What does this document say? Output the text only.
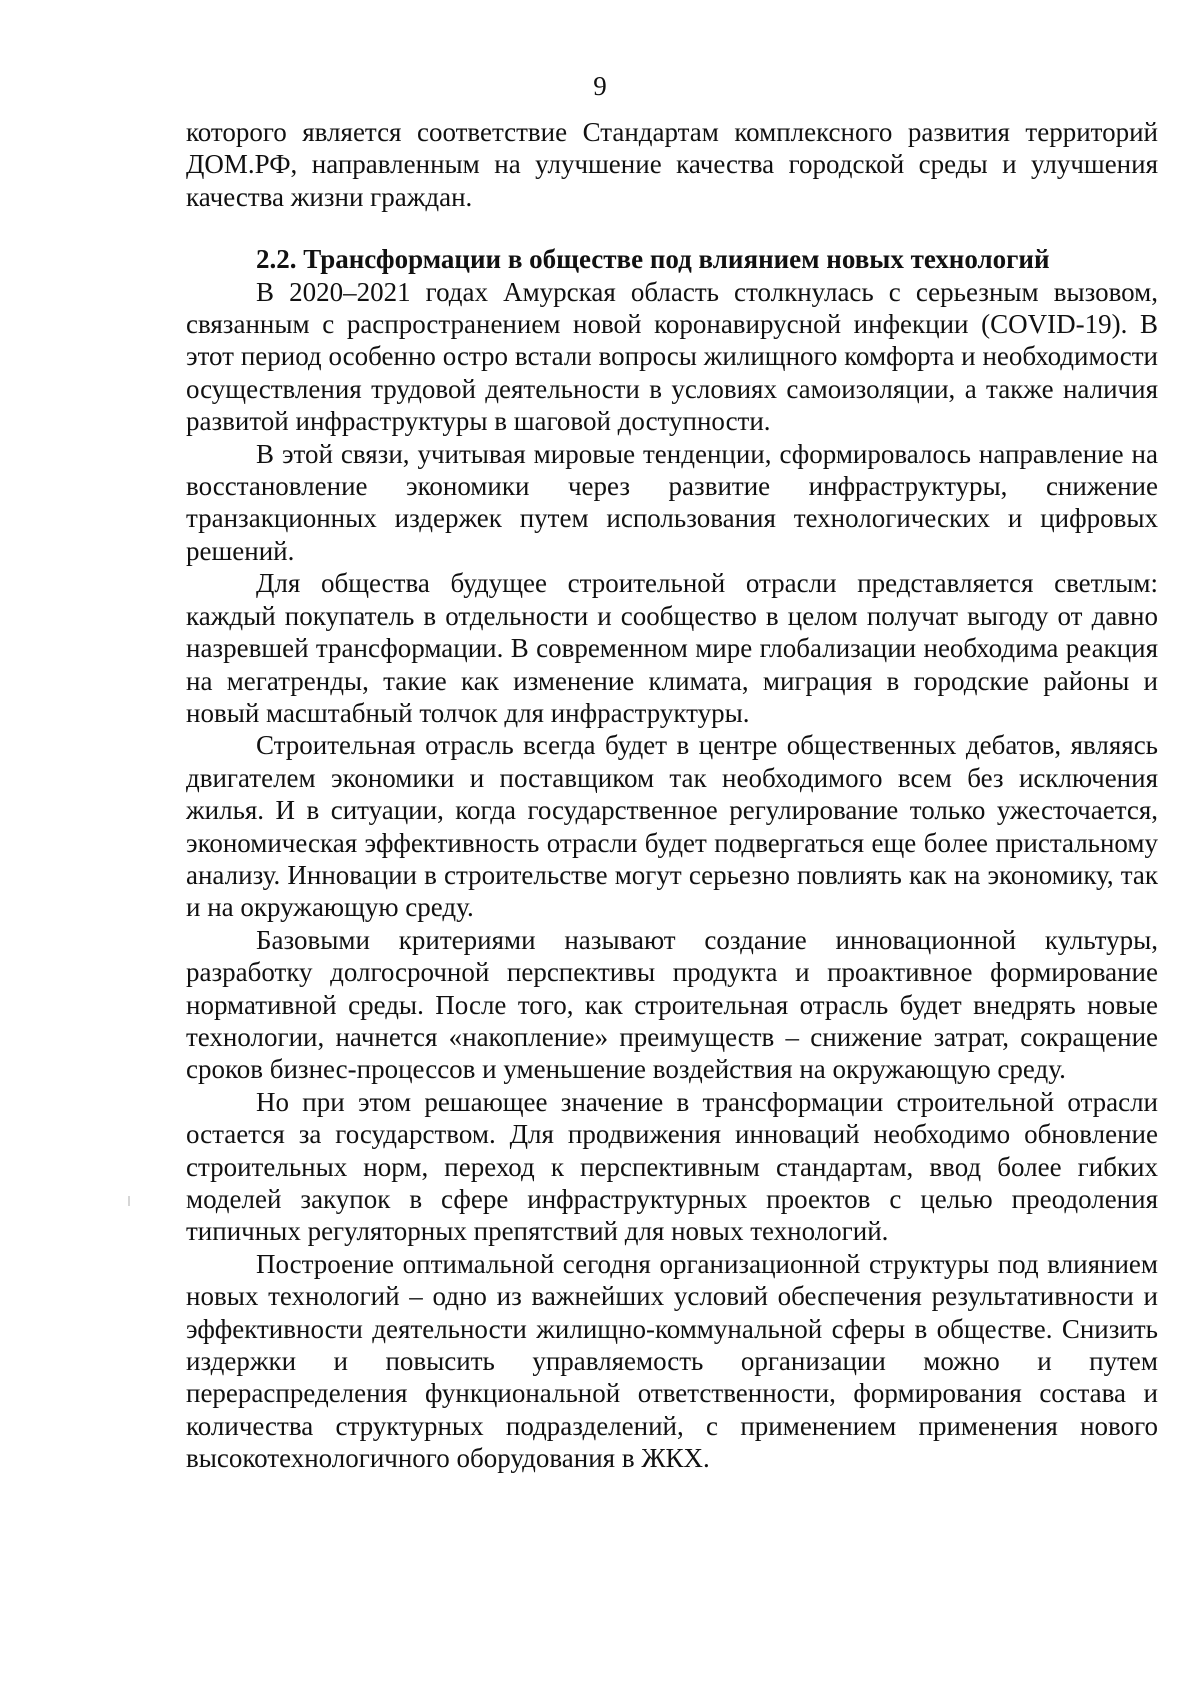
9

которого является соответствие Стандартам комплексного развития территорий ДОМ.РФ, направленным на улучшение качества городской среды и улучшения качества жизни граждан.

2.2. Трансформации в обществе под влиянием новых технологий

В 2020–2021 годах Амурская область столкнулась с серьезным вызовом, связанным с распространением новой коронавирусной инфекции (COVID-19). В этот период особенно остро встали вопросы жилищного комфорта и необходимости осуществления трудовой деятельности в условиях самоизоляции, а также наличия развитой инфраструктуры в шаговой доступности.

В этой связи, учитывая мировые тенденции, сформировалось направление на восстановление экономики через развитие инфраструктуры, снижение транзакционных издержек путем использования технологических и цифровых решений.

Для общества будущее строительной отрасли представляется светлым: каждый покупатель в отдельности и сообщество в целом получат выгоду от давно назревшей трансформации. В современном мире глобализации необходима реакция на мегатренды, такие как изменение климата, миграция в городские районы и новый масштабный толчок для инфраструктуры.

Строительная отрасль всегда будет в центре общественных дебатов, являясь двигателем экономики и поставщиком так необходимого всем без исключения жилья. И в ситуации, когда государственное регулирование только ужесточается, экономическая эффективность отрасли будет подвергаться еще более пристальному анализу. Инновации в строительстве могут серьезно повлиять как на экономику, так и на окружающую среду.

Базовыми критериями называют создание инновационной культуры, разработку долгосрочной перспективы продукта и проактивное формирование нормативной среды. После того, как строительная отрасль будет внедрять новые технологии, начнется «накопление» преимуществ – снижение затрат, сокращение сроков бизнес-процессов и уменьшение воздействия на окружающую среду.

Но при этом решающее значение в трансформации строительной отрасли остается за государством. Для продвижения инноваций необходимо обновление строительных норм, переход к перспективным стандартам, ввод более гибких моделей закупок в сфере инфраструктурных проектов с целью преодоления типичных регуляторных препятствий для новых технологий.

Построение оптимальной сегодня организационной структуры под влиянием новых технологий – одно из важнейших условий обеспечения результативности и эффективности деятельности жилищно-коммунальной сферы в обществе. Снизить издержки и повысить управляемость организации можно и путем перераспределения функциональной ответственности, формирования состава и количества структурных подразделений, с применением применения нового высокотехнологичного оборудования в ЖКХ.
